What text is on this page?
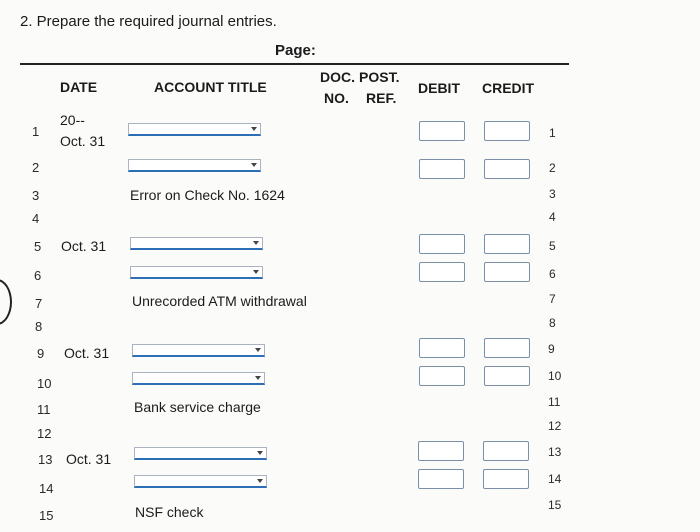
2. Prepare the required journal entries.
Page:
DATE	ACCOUNT TITLE
DOC.
NO.
POST.
REF.
DEBIT CREDIT
1
2
3
4
5
6
7
8
9
10
11
12
13
14
15
1
2
3
4
5
6
7
8
9
10
11
12
13
14
15
20--
Oct. 31
Error on Check No. 1624
Oct. 31
Unrecorded ATM withdrawal
Oct. 31
Bank service charge
Oct. 31
NSF check
